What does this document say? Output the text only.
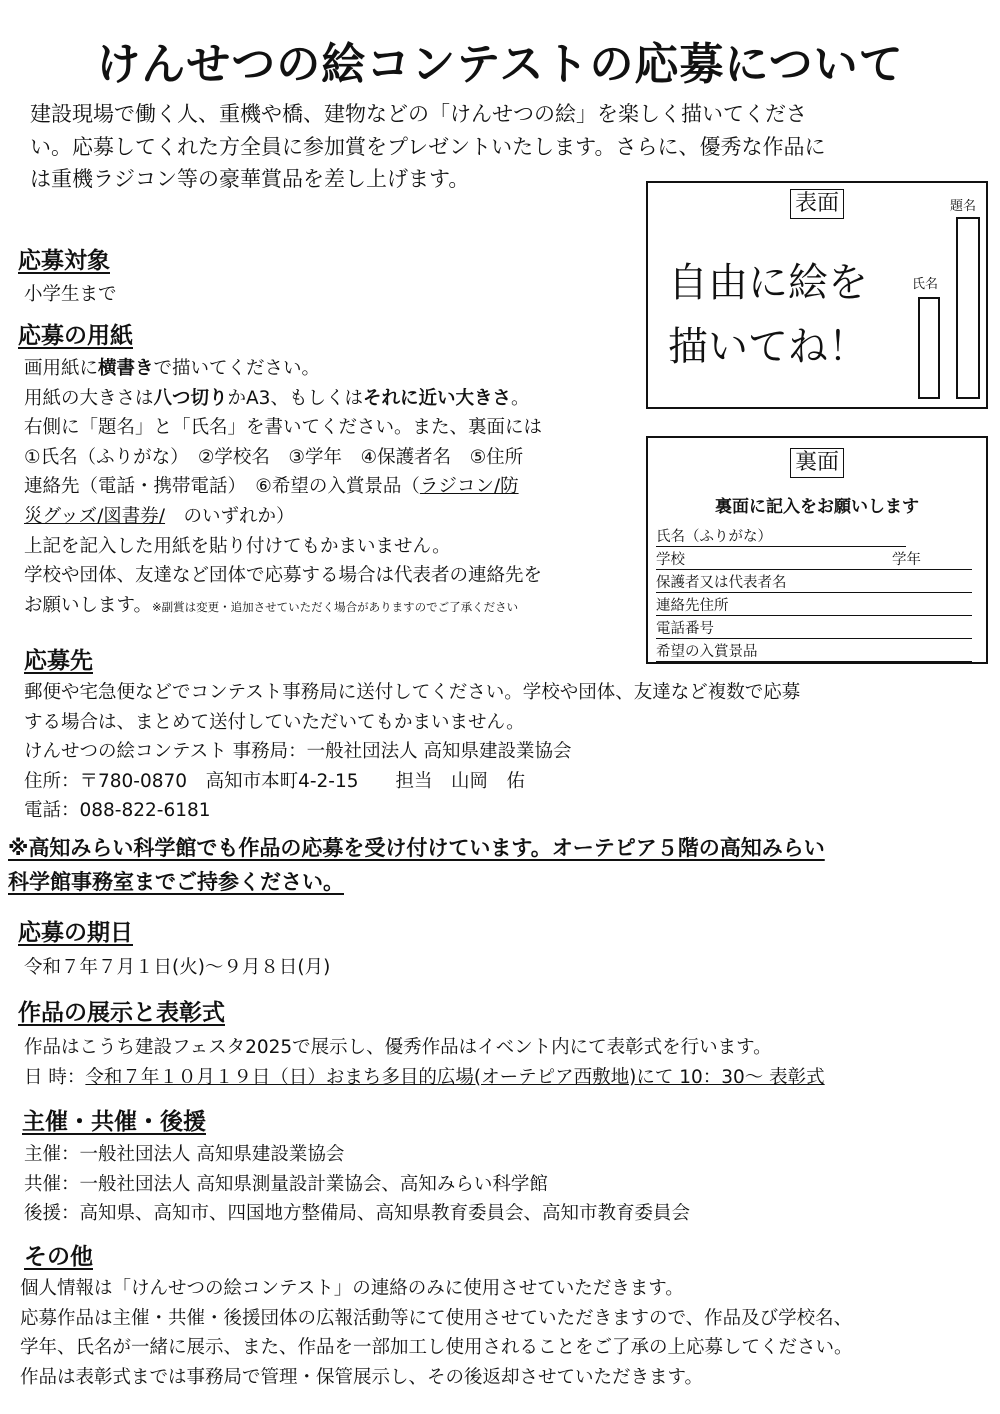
けんせつの絵コンテストの応募について
建設現場で働く人、重機や橋、建物などの「けんせつの絵」を楽しく描いてくださ
い。応募してくれた方全員に参加賞をプレゼントいたします。さらに、優秀な作品に
は重機ラジコン等の豪華賞品を差し上げます。
応募対象
小学生まで
応募の用紙
画用紙に横書きで描いてください。
用紙の大きさは八つ切りかA3、もしくはそれに近い大きさ。
右側に「題名」と「氏名」を書いてください。また、裏面には
①氏名（ふりがな）　②学校名　③学年　④保護者名　⑤住所
連絡先（電話・携帯電話）　⑥希望の入賞景品（ラジコン/防
災グッズ/図書券/　のいずれか）
上記を記入した用紙を貼り付けてもかまいません。
学校や団体、友達など団体で応募する場合は代表者の連絡先を
お願いします。※副賞は変更・追加させていただく場合がありますのでご了承ください
表面
自由に絵を
描いてね！
氏名
題名
裏面
裏面に記入をお願いします
氏名（ふりがな）
学校	学年
保護者又は代表者名
連絡先住所
電話番号
希望の入賞景品
応募先
郵便や宅急便などでコンテスト事務局に送付してください。学校や団体、友達など複数で応募
する場合は、まとめて送付していただいてもかまいません。
けんせつの絵コンテスト 事務局：一般社団法人 高知県建設業協会
住所：〒780-0870　高知市本町4-2-15　　担当　山岡　佑
電話：088-822-6181
※高知みらい科学館でも作品の応募を受け付けています。オーテピア５階の高知みらい
科学館事務室までご持参ください。
応募の期日
令和７年７月１日(火)～９月８日(月)
作品の展示と表彰式
作品はこうち建設フェスタ2025で展示し、優秀作品はイベント内にて表彰式を行います。
日 時：令和７年１０月１９日（日）おまち多目的広場(オーテピア西敷地)にて 10：30～ 表彰式
主催・共催・後援
主催：一般社団法人 高知県建設業協会
共催：一般社団法人 高知県測量設計業協会、高知みらい科学館
後援：高知県、高知市、四国地方整備局、高知県教育委員会、高知市教育委員会
その他
個人情報は「けんせつの絵コンテスト」の連絡のみに使用させていただきます。
応募作品は主催・共催・後援団体の広報活動等にて使用させていただきますので、作品及び学校名、
学年、氏名が一緒に展示、また、作品を一部加工し使用されることをご了承の上応募してください。
作品は表彰式までは事務局で管理・保管展示し、その後返却させていただきます。
